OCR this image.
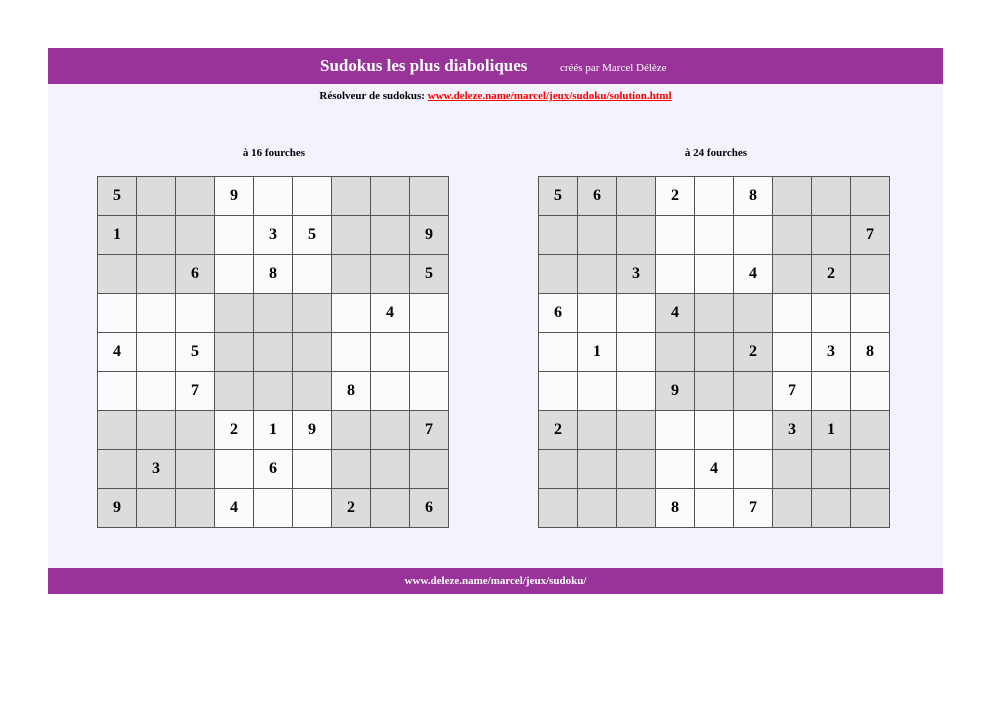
Sudokus les plus diaboliques	créés par Marcel Délèze
Résolveur de sudokus: www.deleze.name/marcel/jeux/sudoku/solution.html
à 16 fourches	à 24 fourches
5			9					
1				3	5			9
		6		8				5
							4	
4		5						
		7				8		
			2	1	9			7
	3			6				
9			4			2		6
5	6		2		8			
								7
		3			4		2	
6			4					
	1				2		3	8
			9			7		
2						3	1	
				4				
			8		7			
www.deleze.name/marcel/jeux/sudoku/
